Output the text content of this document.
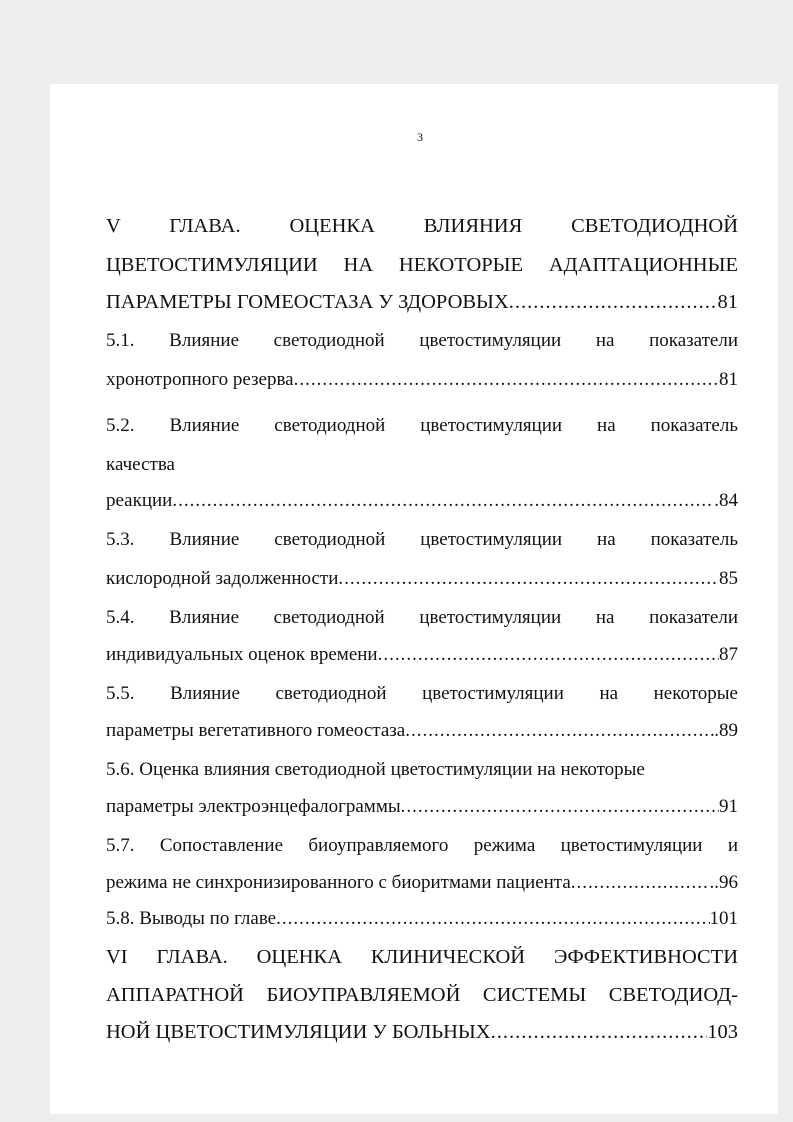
3
V ГЛАВА. ОЦЕНКА ВЛИЯНИЯ СВЕТОДИОДНОЙ
ЦВЕТОСТИМУЛЯЦИИ НА НЕКОТОРЫЕ АДАПТАЦИОННЫЕ
ПАРАМЕТРЫ ГОМЕОСТАЗА У ЗДОРОВЫХ .....	81
5.1. Влияние светодиодной цветостимуляции на показатели
хронотропного резерва .....	81
5.2. Влияние светодиодной цветостимуляции на показатель
качества
реакции .....	.84
5.3. Влияние светодиодной цветостимуляции на показатель
кислородной задолженности .....	85
5.4. Влияние светодиодной цветостимуляции на показатели
индивидуальных оценок времени .....	87
5.5. Влияние светодиодной цветостимуляции на некоторые
параметры вегетативного гомеостаза .....	.89
5.6. Оценка влияния светодиодной цветостимуляции на некоторые
параметры электроэнцефалограммы .....	91
5.7. Сопоставление биоуправляемого режима цветостимуляции и
режима не синхронизированного с биоритмами пациента .....	..96
5.8. Выводы по главе .....	101
VI ГЛАВА. ОЦЕНКА КЛИНИЧЕСКОЙ ЭФФЕКТИВНОСТИ
АППАРАТНОЙ БИОУПРАВЛЯЕМОЙ СИСТЕМЫ СВЕТОДИОД-
НОЙ ЦВЕТОСТИМУЛЯЦИИ У БОЛЬНЫХ .....	103
